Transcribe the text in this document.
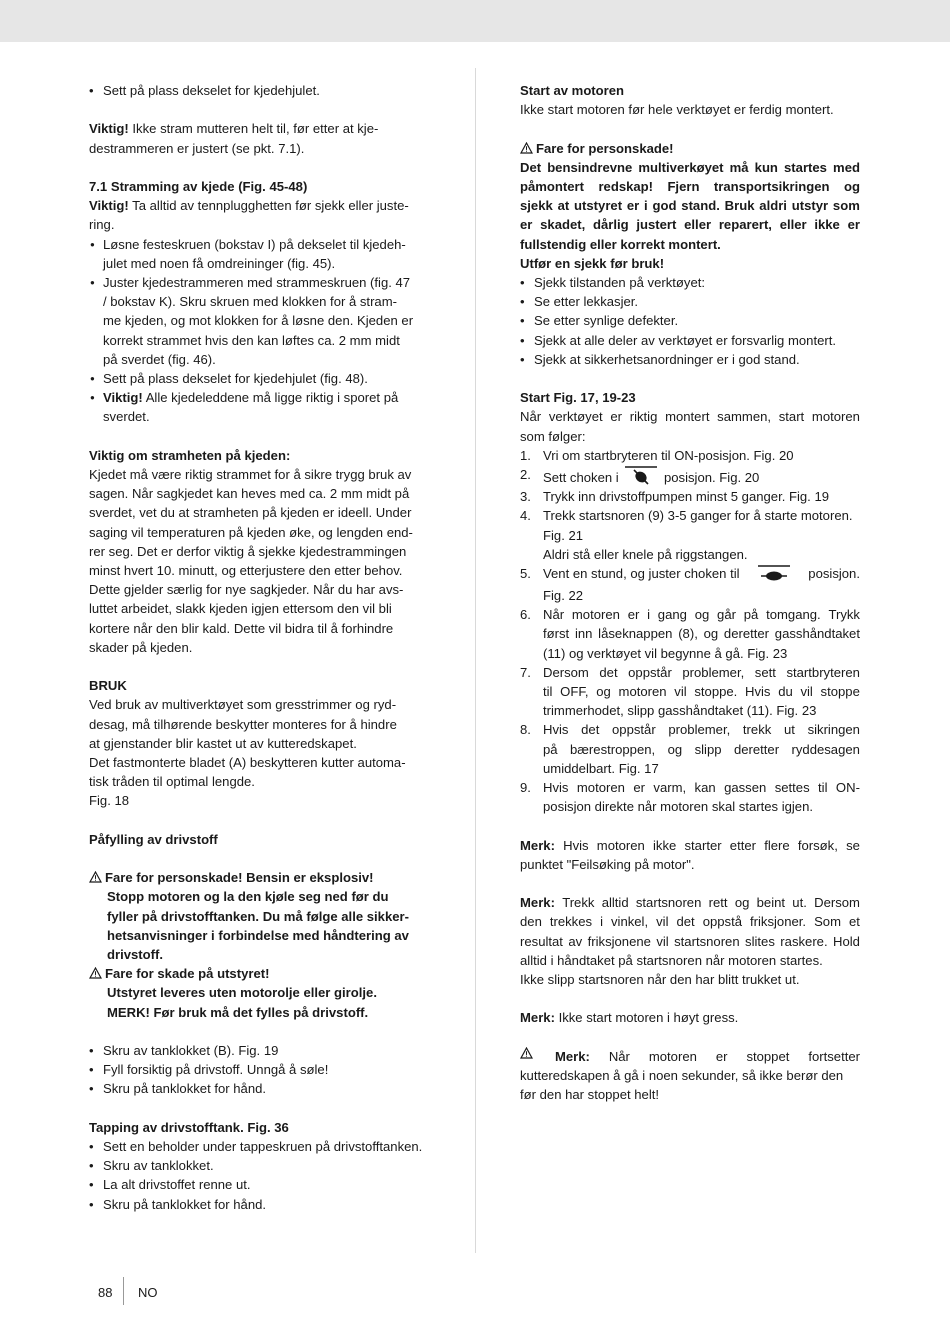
• Sett på plass dekselet for kjedehjulet.
Viktig! Ikke stram mutteren helt til, før etter at kje-
destrammeren er justert (se pkt. 7.1).
7.1 Stramming av kjede (Fig. 45-48)
Viktig! Ta alltid av tennplugghetten før sjekk eller juste-
ring.
● Løsne festeskruen (bokstav I) på dekselet til kjedeh-
julet med noen få omdreininger (fig. 45).
● Juster kjedestrammeren med strammeskruen (fig. 47
/ bokstav K). Skru skruen med klokken for å stram-
me kjeden, og mot klokken for å løsne den. Kjeden er
korrekt strammet hvis den kan løftes ca. 2 mm midt
på sverdet (fig. 46).
● Sett på plass dekselet for kjedehjulet (fig. 48).
● Viktig! Alle kjedeleddene må ligge riktig i sporet på
sverdet.
Viktig om stramheten på kjeden:
Kjedet må være riktig strammet for å sikre trygg bruk av
sagen. Når sagkjedet kan heves med ca. 2 mm midt på
sverdet, vet du at stramheten på kjeden er ideell. Under
saging vil temperaturen på kjeden øke, og lengden end-
rer seg. Det er derfor viktig å sjekke kjedestrammingen
minst hvert 10. minutt, og etterjustere den etter behov.
Dette gjelder særlig for nye sagkjeder. Når du har avs-
luttet arbeidet, slakk kjeden igjen ettersom den vil bli
kortere når den blir kald. Dette vil bidra til å forhindre
skader på kjeden.
BRUK
Ved bruk av multiverktøyet som gresstrimmer og ryd-
desag, må tilhørende beskytter monteres for å hindre
at gjenstander blir kastet ut av kutteredskapet.
Det fastmonterte bladet (A) beskytteren kutter automa-
tisk tråden til optimal lengde.
Fig. 18
Påfylling av drivstoff
Fare for personskade! Bensin er eksplosiv!
Stopp motoren og la den kjøle seg ned før du
fyller på drivstofftanken. Du må følge alle sikker-
hetsanvisninger i forbindelse med håndtering av
drivstoff.
Fare for skade på utstyret!
Utstyret leveres uten motorolje eller girolje.
MERK! Før bruk må det fylles på drivstoff.
• Skru av tanklokket (B). Fig. 19
• Fyll forsiktig på drivstoff. Unngå å søle!
• Skru på tanklokket for hånd.
Tapping av drivstofftank. Fig. 36
• Sett en beholder under tappeskruen på drivstofftanken.
• Skru av tanklokket.
• La alt drivstoffet renne ut.
• Skru på tanklokket for hånd.
Start av motoren
Ikke start motoren før hele verktøyet er ferdig montert.
Fare for personskade!
Det bensindrevne multiverkøyet må kun startes med
påmontert redskap! Fjern transportsikringen og
sjekk at utstyret er i god stand. Bruk aldri utstyr som
er skadet, dårlig justert eller reparert, eller ikke er
fullstendig eller korrekt montert.
Utfør en sjekk før bruk!
• Sjekk tilstanden på verktøyet:
• Se etter lekkasjer.
• Se etter synlige defekter.
• Sjekk at alle deler av verktøyet er forsvarlig montert.
• Sjekk at sikkerhetsanordninger er i god stand.
Start Fig. 17, 19-23
Når verktøyet er riktig montert sammen, start motoren
som følger:
1. Vri om startbryteren til ON-posisjon. Fig. 20
2. Sett choken i	posisjon. Fig. 20
3. Trykk inn drivstoffpumpen minst 5 ganger. Fig. 19
4. Trekk startsnoren (9) 3-5 ganger for å starte motoren.
Fig. 21
Aldri stå eller knele på riggstangen.
5. Vent en stund, og juster choken til	posisjon.
Fig. 22
6. Når motoren er i gang og går på tomgang. Trykk
først inn låseknappen (8), og deretter gasshåndtaket
(11) og verktøyet vil begynne å gå. Fig. 23
7. Dersom det oppstår problemer, sett startbryteren
til OFF, og motoren vil stoppe. Hvis du vil stoppe
trimmerhodet, slipp gasshåndtaket (11). Fig. 23
8. Hvis det oppstår problemer, trekk ut sikringen
på bærestroppen, og slipp deretter ryddesagen
umiddelbart. Fig. 17
9. Hvis motoren er varm, kan gassen settes til ON-
posisjon direkte når motoren skal startes igjen.
Merk: Hvis motoren ikke starter etter flere forsøk, se
punktet "Feilsøking på motor".
Merk: Trekk alltid startsnoren rett og beint ut. Dersom
den trekkes i vinkel, vil det oppstå friksjoner. Som et
resultat av friksjonene vil startsnoren slites raskere. Hold
alltid i håndtaket på startsnoren når motoren startes.
Ikke slipp startsnoren når den har blitt trukket ut.
Merk: Ikke start motoren i høyt gress.
Merk: Når motoren er stoppet fortsetter
kutteredskapen å gå i noen sekunder, så ikke berør den
før den har stoppet helt!
88 NO
